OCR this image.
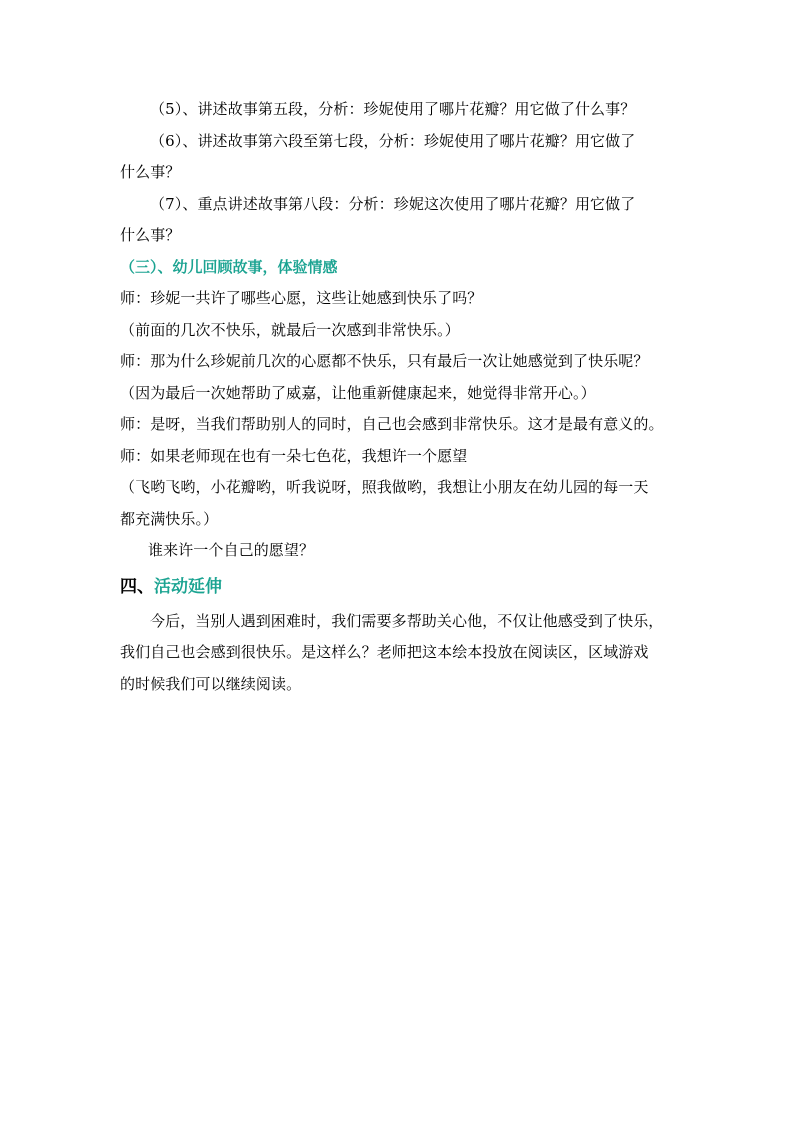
（5）、讲述故事第五段，分析：珍妮使用了哪片花瓣？用它做了什么事？
（6）、讲述故事第六段至第七段，分析：珍妮使用了哪片花瓣？用它做了
什么事？
（7）、重点讲述故事第八段：分析：珍妮这次使用了哪片花瓣？用它做了
什么事？
（三）、幼儿回顾故事，体验情感
师：珍妮一共许了哪些心愿，这些让她感到快乐了吗？
（前面的几次不快乐，就最后一次感到非常快乐。）
师：那为什么珍妮前几次的心愿都不快乐，只有最后一次让她感觉到了快乐呢？
（因为最后一次她帮助了威嘉，让他重新健康起来，她觉得非常开心。）
师：是呀，当我们帮助别人的同时，自己也会感到非常快乐。这才是最有意义的。
师：如果老师现在也有一朵七色花，我想许一个愿望
（飞哟飞哟，小花瓣哟，听我说呀，照我做哟，我想让小朋友在幼儿园的每一天
都充满快乐。）
谁来许一个自己的愿望？
四、活动延伸
今后，当别人遇到困难时，我们需要多帮助关心他，不仅让他感受到了快乐，
我们自己也会感到很快乐。是这样么？老师把这本绘本投放在阅读区，区域游戏
的时候我们可以继续阅读。
